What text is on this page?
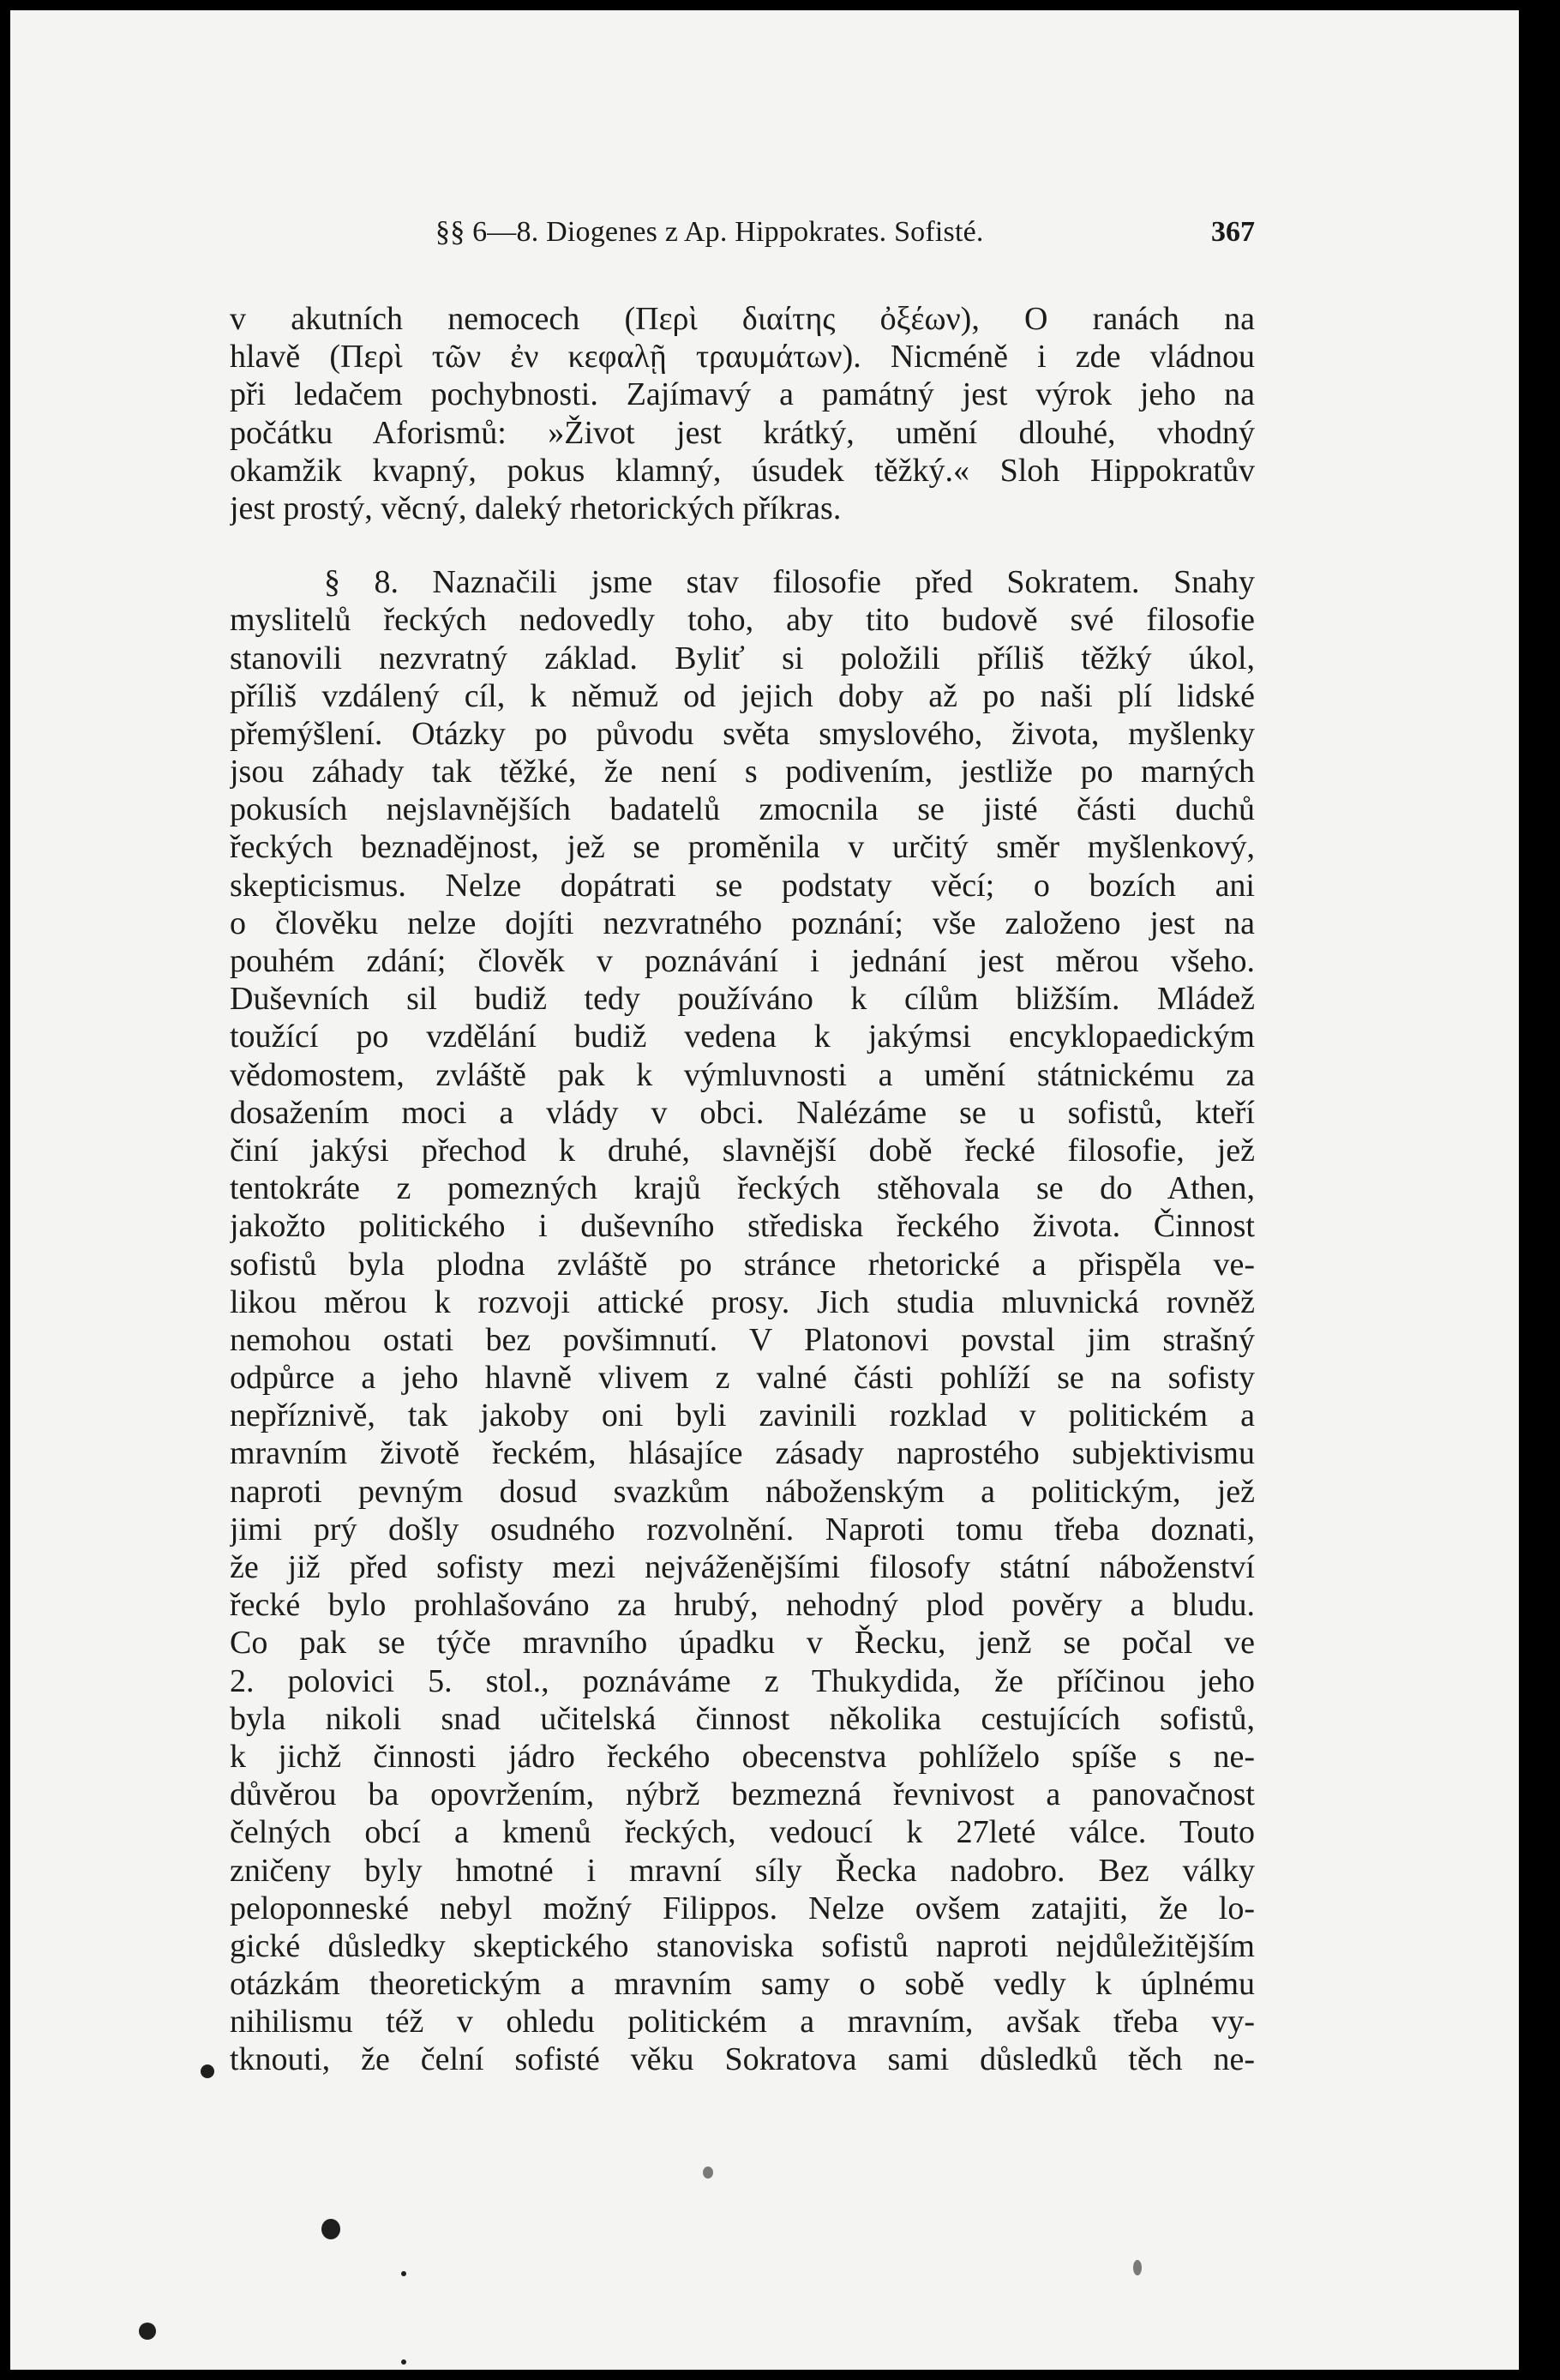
§§ 6—8. Diogenes z Ap. Hippokrates. Sofisté.	367
v akutních nemocech (Περὶ διαίτης ὀξέων), O ranách na
hlavě (Περὶ τῶν ἐν κεφαλῇ τραυμάτων). Nicméně i zde vládnou
při ledačem pochybnosti. Zajímavý a památný jest výrok jeho na
počátku Aforismů: »Život jest krátký, umění dlouhé, vhodný
okamžik kvapný, pokus klamný, úsudek těžký.« Sloh Hippokratův
jest prostý, věcný, daleký rhetorických příkras.
§ 8. Naznačili jsme stav filosofie před Sokratem. Snahy
myslitelů řeckých nedovedly toho, aby tito budově své filosofie
stanovili nezvratný základ. Byliť si položili příliš těžký úkol,
příliš vzdálený cíl, k němuž od jejich doby až po naši plí lidské
přemýšlení. Otázky po původu světa smyslového, života, myšlenky
jsou záhady tak těžké, že není s podivením, jestliže po marných
pokusích nejslavnějších badatelů zmocnila se jisté části duchů
řeckých beznadějnost, jež se proměnila v určitý směr myšlenkový,
skepticismus. Nelze dopátrati se podstaty věcí; o bozích ani
o člověku nelze dojíti nezvratného poznání; vše založeno jest na
pouhém zdání; člověk v poznávání i jednání jest měrou všeho.
Duševních sil budiž tedy používáno k cílům bližším. Mládež
toužící po vzdělání budiž vedena k jakýmsi encyklopaedickým
vědomostem, zvláště pak k výmluvnosti a umění státnickému za
dosažením moci a vlády v obci. Nalézáme se u sofistů, kteří
činí jakýsi přechod k druhé, slavnější době řecké filosofie, jež
tentokráte z pomezných krajů řeckých stěhovala se do Athen,
jakožto politického i duševního střediska řeckého života. Činnost
sofistů byla plodna zvláště po stránce rhetorické a přispěla ve-
likou měrou k rozvoji attické prosy. Jich studia mluvnická rovněž
nemohou ostati bez povšimnutí. V Platonovi povstal jim strašný
odpůrce a jeho hlavně vlivem z valné části pohlíží se na sofisty
nepříznivě, tak jakoby oni byli zavinili rozklad v politickém a
mravním životě řeckém, hlásajíce zásady naprostého subjektivismu
naproti pevným dosud svazkům náboženským a politickým, jež
jimi prý došly osudného rozvolnění. Naproti tomu třeba doznati,
že již před sofisty mezi nejváženějšími filosofy státní náboženství
řecké bylo prohlašováno za hrubý, nehodný plod pověry a bludu.
Co pak se týče mravního úpadku v Řecku, jenž se počal ve
2. polovici 5. stol., poznáváme z Thukydida, že příčinou jeho
byla nikoli snad učitelská činnost několika cestujících sofistů,
k jichž činnosti jádro řeckého obecenstva pohlíželo spíše s ne-
důvěrou ba opovržením, nýbrž bezmezná řevnivost a panovačnost
čelných obcí a kmenů řeckých, vedoucí k 27leté válce. Touto
zničeny byly hmotné i mravní síly Řecka nadobro. Bez války
peloponneské nebyl možný Filippos. Nelze ovšem zatajiti, že lo-
gické důsledky skeptického stanoviska sofistů naproti nejdůležitějším
otázkám theoretickým a mravním samy o sobě vedly k úplnému
nihilismu též v ohledu politickém a mravním, avšak třeba vy-
tknouti, že čelní sofisté věku Sokratova sami důsledků těch ne-
